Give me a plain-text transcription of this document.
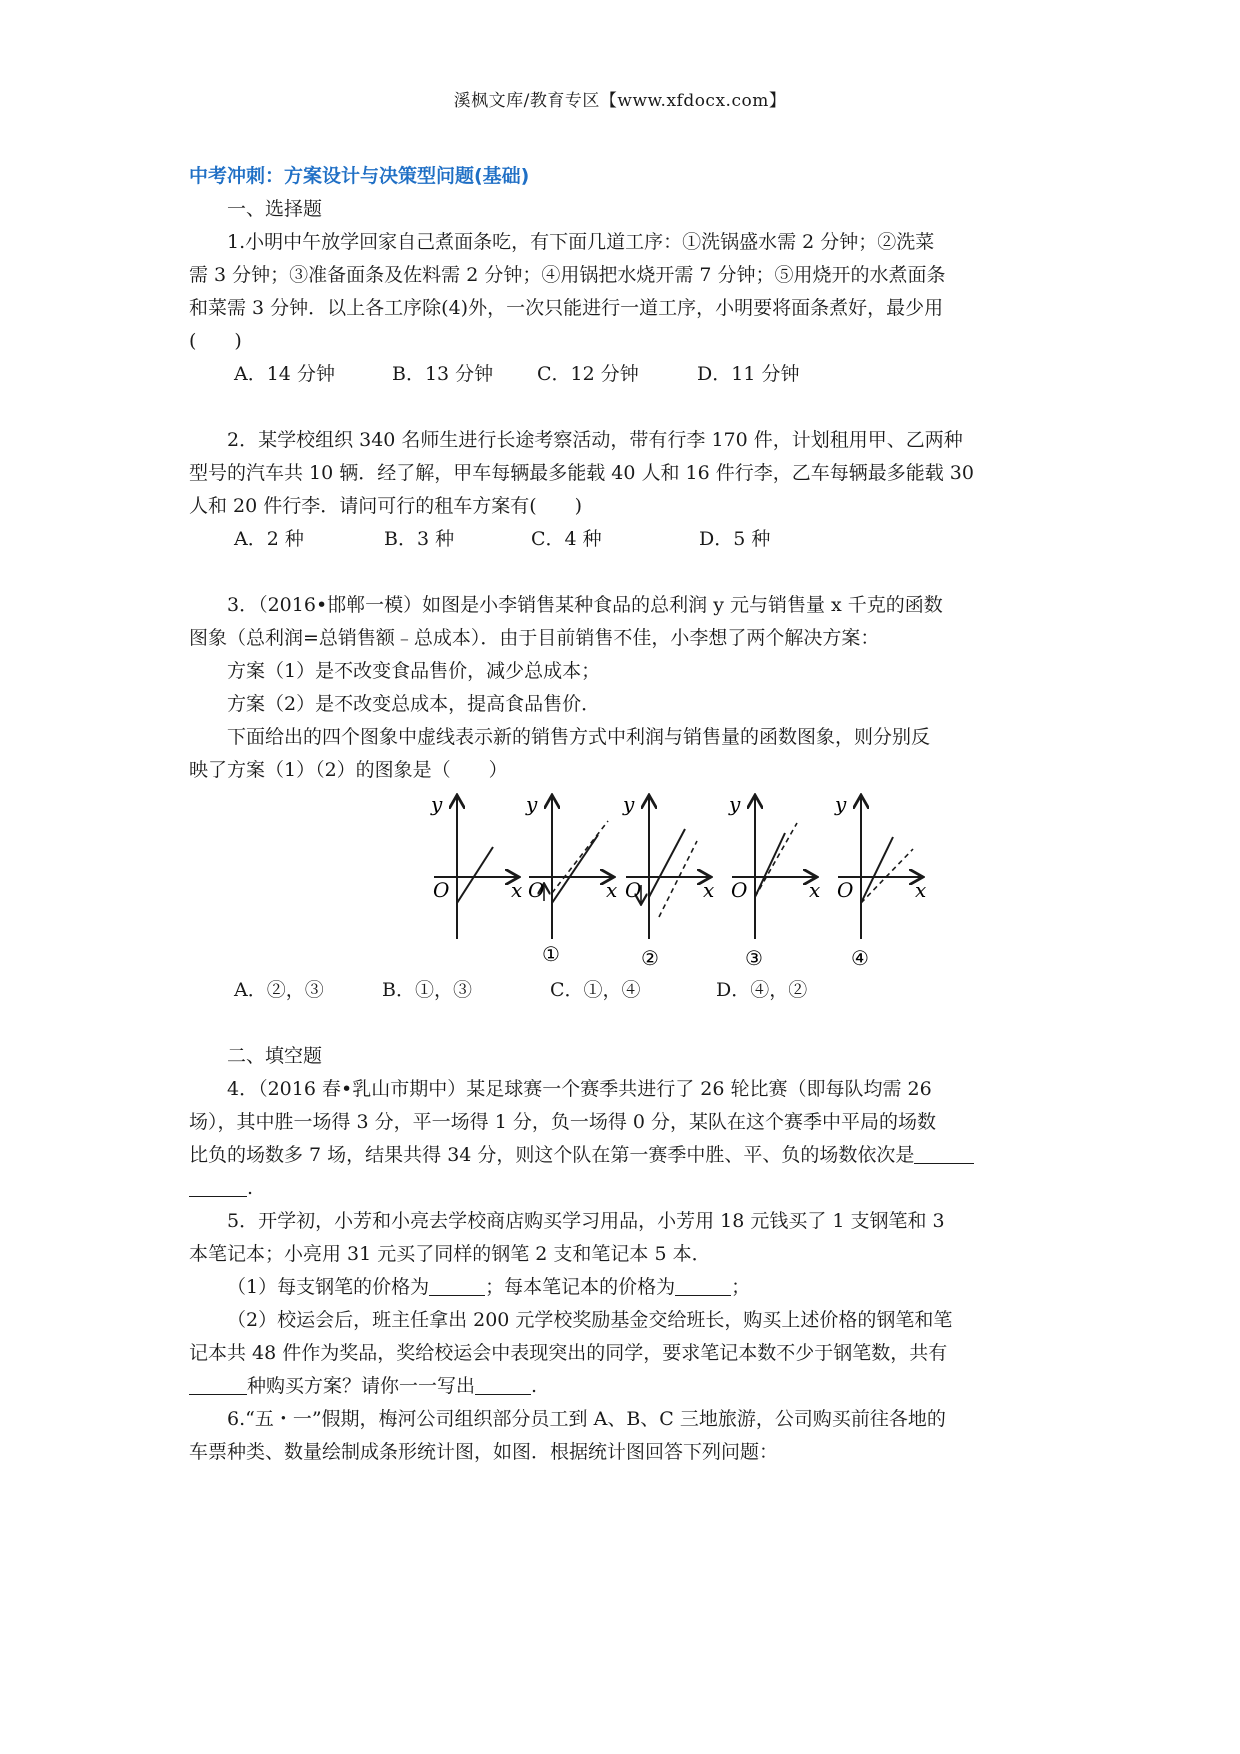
溪枫文库/教育专区【www.xfdocx.com】
中考冲刺：方案设计与决策型问题(基础)
一、选择题

1.小明中午放学回家自己煮面条吃，有下面几道工序：①洗锅盛水需 2 分钟；②洗菜

需 3 分钟；③准备面条及佐料需 2 分钟；④用锅把水烧开需 7 分钟；⑤用烧开的水煮面条

和菜需 3 分钟．以上各工序除(4)外，一次只能进行一道工序，小明要将面条煮好，最少用

(　　)

A．14 分钟	B．13 分钟	C．12 分钟	D．11 分钟

2．某学校组织 340 名师生进行长途考察活动，带有行李 170 件，计划租用甲、乙两种

型号的汽车共 10 辆．经了解，甲车每辆最多能载 40 人和 16 件行李，乙车每辆最多能载 30

人和 20 件行李．请问可行的租车方案有(　　)

A．2 种	B．3 种	C．4 种	D．5 种

3．（2016•邯郸一模）如图是小李销售某种食品的总利润 y 元与销售量 x 千克的函数

图象（总利润=总销售额﹣总成本）．由于目前销售不佳，小李想了两个解决方案：

方案（1）是不改变食品售价，减少总成本；

方案（2）是不改变总成本，提高食品售价．

下面给出的四个图象中虚线表示新的销售方式中利润与销售量的函数图象，则分别反

映了方案（1）（2）的图象是（　　）

y
O	x
y
O	x
①
y
O	x
②
y
O	x
③
y
O	x
④
A．②，③	B．①，③	C．①，④	D．④，②
二、填空题

4．（2016 春•乳山市期中）某足球赛一个赛季共进行了 26 轮比赛（即每队均需 26

场），其中胜一场得 3 分，平一场得 1 分，负一场得 0 分，某队在这个赛季中平局的场数

比负的场数多 7 场，结果共得 34 分，则这个队在第一赛季中胜、平、负的场数依次是

.

5．开学初，小芳和小亮去学校商店购买学习用品，小芳用 18 元钱买了 1 支钢笔和 3

本笔记本；小亮用 31 元买了同样的钢笔 2 支和笔记本 5 本．

（1）每支钢笔的价格为	；每本笔记本的价格为	；

（2）校运会后，班主任拿出 200 元学校奖励基金交给班长，购买上述价格的钢笔和笔

记本共 48 件作为奖品，奖给校运会中表现突出的同学，要求笔记本数不少于钢笔数，共有

种购买方案？请你一一写出	.

6.“五・一”假期，梅河公司组织部分员工到 A、B、C 三地旅游，公司购买前往各地的

车票种类、数量绘制成条形统计图，如图．根据统计图回答下列问题：
